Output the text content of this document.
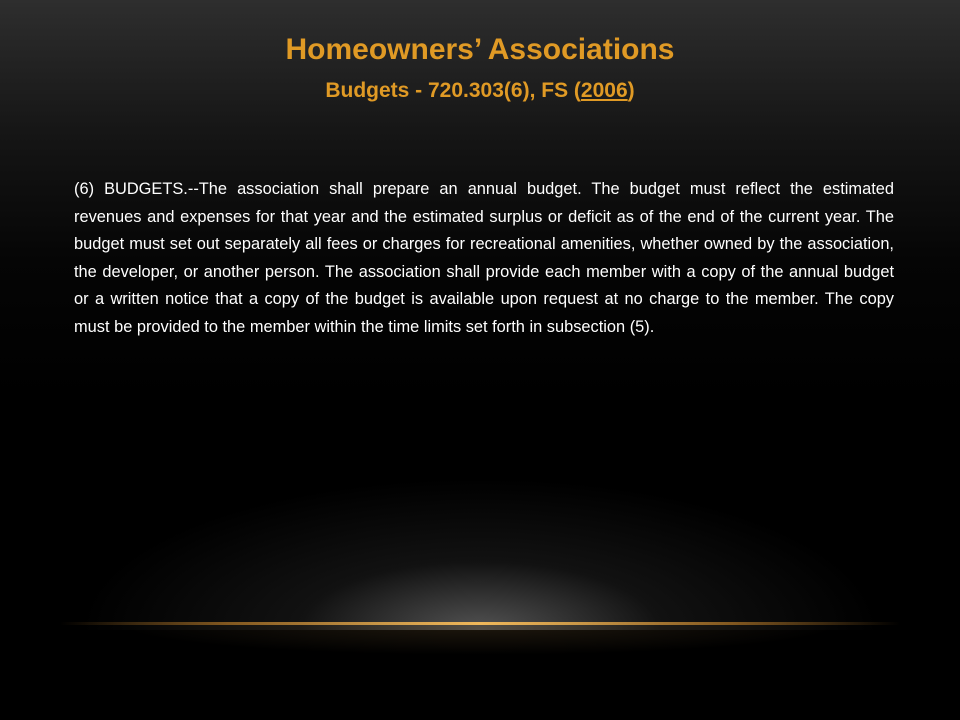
Homeowners’ Associations
Budgets - 720.303(6), FS (2006)
(6) BUDGETS.--The association shall prepare an annual budget. The budget must reflect the estimated revenues and expenses for that year and the estimated surplus or deficit as of the end of the current year. The budget must set out separately all fees or charges for recreational amenities, whether owned by the association, the developer, or another person. The association shall provide each member with a copy of the annual budget or a written notice that a copy of the budget is available upon request at no charge to the member. The copy must be provided to the member within the time limits set forth in subsection (5).
